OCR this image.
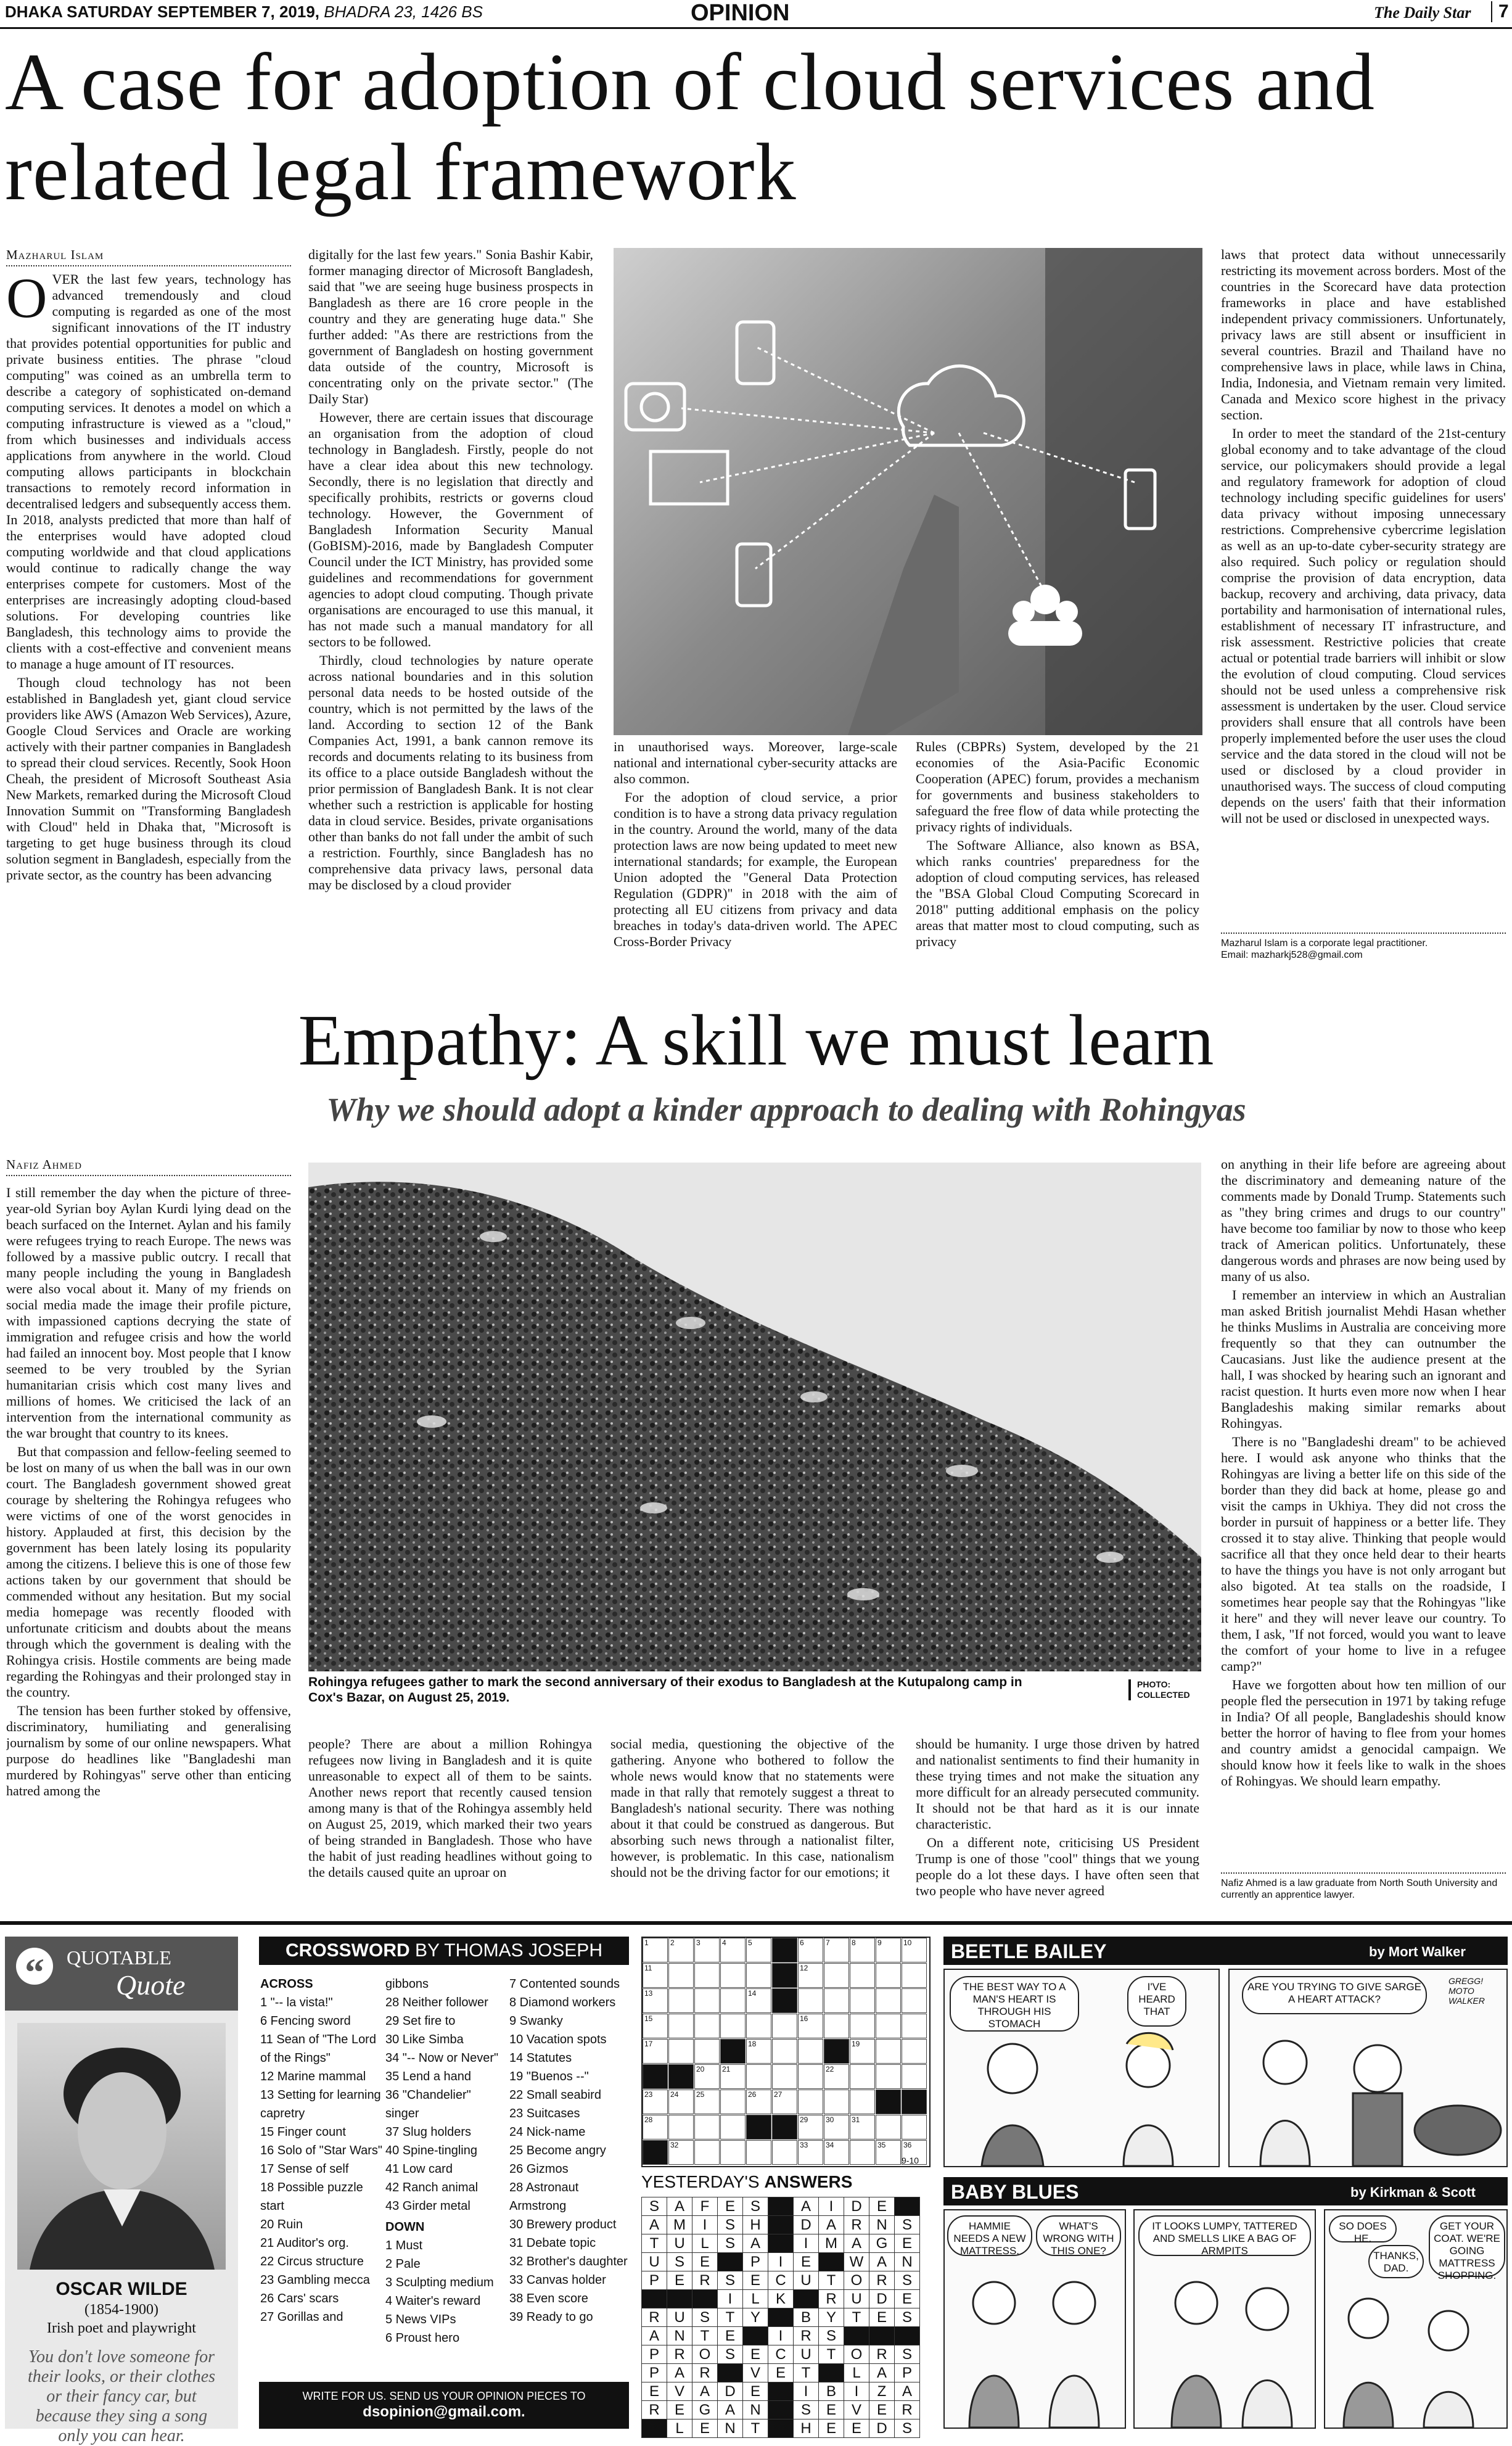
DHAKA SATURDAY SEPTEMBER 7, 2019, BHADRA 23, 1426 BS	OPINION	The Daily Star	7
A case for adoption of cloud services and related legal framework
Mazharul Islam

OVER the last few years, technology has advanced tremendously and cloud computing is regarded as one of the most significant innovations of the IT industry that provides potential opportunities for public and private business entities. The phrase "cloud computing" was coined as an umbrella term to describe a category of sophisticated on-demand computing services. It denotes a model on which a computing infrastructure is viewed as a "cloud," from which businesses and individuals access applications from anywhere in the world. Cloud computing allows participants in blockchain transactions to remotely record information in decentralised ledgers and subsequently access them. In 2018, analysts predicted that more than half of the enterprises would have adopted cloud computing worldwide and that cloud applications would continue to radically change the way enterprises compete for customers. Most of the enterprises are increasingly adopting cloud-based solutions. For developing countries like Bangladesh, this technology aims to provide the clients with a cost-effective and convenient means to manage a huge amount of IT resources.

Though cloud technology has not been established in Bangladesh yet, giant cloud service providers like AWS (Amazon Web Services), Azure, Google Cloud Services and Oracle are working actively with their partner companies in Bangladesh to spread their cloud services. Recently, Sook Hoon Cheah, the president of Microsoft Southeast Asia New Markets, remarked during the Microsoft Cloud Innovation Summit on "Transforming Bangladesh with Cloud" held in Dhaka that, "Microsoft is targeting to get huge business through its cloud solution segment in Bangladesh, especially from the private sector, as the country has been advancing

digitally for the last few years." Sonia Bashir Kabir, former managing director of Microsoft Bangladesh, said that "we are seeing huge business prospects in Bangladesh as there are 16 crore people in the country and they are generating huge data." She further added: "As there are restrictions from the government of Bangladesh on hosting government data outside of the country, Microsoft is concentrating only on the private sector." (The Daily Star)

However, there are certain issues that discourage an organisation from the adoption of cloud technology in Bangladesh. Firstly, people do not have a clear idea about this new technology. Secondly, there is no legislation that directly and specifically prohibits, restricts or governs cloud technology. However, the Government of Bangladesh Information Security Manual (GoBISM)-2016, made by Bangladesh Computer Council under the ICT Ministry, has provided some guidelines and recommendations for government agencies to adopt cloud computing. Though private organisations are encouraged to use this manual, it has not made such a manual mandatory for all sectors to be followed.

Thirdly, cloud technologies by nature operate across national boundaries and in this solution personal data needs to be hosted outside of the country, which is not permitted by the laws of the land. According to section 12 of the Bank Companies Act, 1991, a bank cannon remove its records and documents relating to its business from its office to a place outside Bangladesh without the prior permission of Bangladesh Bank. It is not clear whether such a restriction is applicable for hosting data in cloud service. Besides, private organisations other than banks do not fall under the ambit of such a restriction. Fourthly, since Bangladesh has no comprehensive data privacy laws, personal data may be disclosed by a cloud provider

in unauthorised ways. Moreover, large-scale national and international cyber-security attacks are also common.

For the adoption of cloud service, a prior condition is to have a strong data privacy regulation in the country. Around the world, many of the data protection laws are now being updated to meet new international standards; for example, the European Union adopted the "General Data Protection Regulation (GDPR)" in 2018 with the aim of protecting all EU citizens from privacy and data breaches in today's data-driven world. The APEC Cross-Border Privacy

Rules (CBPRs) System, developed by the 21 economies of the Asia-Pacific Economic Cooperation (APEC) forum, provides a mechanism for governments and business stakeholders to safeguard the free flow of data while protecting the privacy rights of individuals.

The Software Alliance, also known as BSA, which ranks countries' preparedness for the adoption of cloud computing services, has released the "BSA Global Cloud Computing Scorecard in 2018" putting additional emphasis on the policy areas that matter most to cloud computing, such as privacy

laws that protect data without unnecessarily restricting its movement across borders. Most of the countries in the Scorecard have data protection frameworks in place and have established independent privacy commissioners. Unfortunately, privacy laws are still absent or insufficient in several countries. Brazil and Thailand have no comprehensive laws in place, while laws in China, India, Indonesia, and Vietnam remain very limited. Canada and Mexico score highest in the privacy section.

In order to meet the standard of the 21st-century global economy and to take advantage of the cloud service, our policymakers should provide a legal and regulatory framework for adoption of cloud technology including specific guidelines for users' data privacy without imposing unnecessary restrictions. Comprehensive cybercrime legislation as well as an up-to-date cyber-security strategy are also required. Such policy or regulation should comprise the provision of data encryption, data backup, recovery and archiving, data privacy, data portability and harmonisation of international rules, establishment of necessary IT infrastructure, and risk assessment. Restrictive policies that create actual or potential trade barriers will inhibit or slow the evolution of cloud computing. Cloud services should not be used unless a comprehensive risk assessment is undertaken by the user. Cloud service providers shall ensure that all controls have been properly implemented before the user uses the cloud service and the data stored in the cloud will not be used or disclosed by a cloud provider in unauthorised ways. The success of cloud computing depends on the users' faith that their information will not be used or disclosed in unexpected ways.

Mazharul Islam is a corporate legal practitioner.
Email: mazharkj528@gmail.com
Empathy: A skill we must learn
Why we should adopt a kinder approach to dealing with Rohingyas
Nafiz Ahmed

I still remember the day when the picture of three-year-old Syrian boy Aylan Kurdi lying dead on the beach surfaced on the Internet. Aylan and his family were refugees trying to reach Europe. The news was followed by a massive public outcry. I recall that many people including the young in Bangladesh were also vocal about it. Many of my friends on social media made the image their profile picture, with impassioned captions decrying the state of immigration and refugee crisis and how the world had failed an innocent boy. Most people that I know seemed to be very troubled by the Syrian humanitarian crisis which cost many lives and millions of homes. We criticised the lack of an intervention from the international community as the war brought that country to its knees.

But that compassion and fellow-feeling seemed to be lost on many of us when the ball was in our own court. The Bangladesh government showed great courage by sheltering the Rohingya refugees who were victims of one of the worst genocides in history. Applauded at first, this decision by the government has been lately losing its popularity among the citizens. I believe this is one of those few actions taken by our government that should be commended without any hesitation. But my social media homepage was recently flooded with unfortunate criticism and doubts about the means through which the government is dealing with the Rohingya crisis. Hostile comments are being made regarding the Rohingyas and their prolonged stay in the country.

The tension has been further stoked by offensive, discriminatory, humiliating and generalising journalism by some of our online newspapers. What purpose do headlines like "Bangladeshi man murdered by Rohingyas" serve other than enticing hatred among the

Rohingya refugees gather to mark the second anniversary of their exodus to Bangladesh at the Kutupalong camp in Cox's Bazar, on August 25, 2019.
PHOTO: COLLECTED

people? There are about a million Rohingya refugees now living in Bangladesh and it is quite unreasonable to expect all of them to be saints. Another news report that recently caused tension among many is that of the Rohingya assembly held on August 25, 2019, which marked their two years of being stranded in Bangladesh. Those who have the habit of just reading headlines without going to the details caused quite an uproar on

social media, questioning the objective of the gathering. Anyone who bothered to follow the whole news would know that no statements were made in that rally that remotely suggest a threat to Bangladesh's national security. There was nothing about it that could be construed as dangerous. But absorbing such news through a nationalist filter, however, is problematic. In this case, nationalism should not be the driving factor for our emotions; it

should be humanity. I urge those driven by hatred and nationalist sentiments to find their humanity in these trying times and not make the situation any more difficult for an already persecuted community. It should not be that hard as it is our innate characteristic.

On a different note, criticising US President Trump is one of those "cool" things that we young people do a lot these days. I have often seen that two people who have never agreed

on anything in their life before are agreeing about the discriminatory and demeaning nature of the comments made by Donald Trump. Statements such as "they bring crimes and drugs to our country" have become too familiar by now to those who keep track of American politics. Unfortunately, these dangerous words and phrases are now being used by many of us also.

I remember an interview in which an Australian man asked British journalist Mehdi Hasan whether he thinks Muslims in Australia are conceiving more frequently so that they can outnumber the Caucasians. Just like the audience present at the hall, I was shocked by hearing such an ignorant and racist question. It hurts even more now when I hear Bangladeshis making similar remarks about Rohingyas.

There is no "Bangladeshi dream" to be achieved here. I would ask anyone who thinks that the Rohingyas are living a better life on this side of the border than they did back at home, please go and visit the camps in Ukhiya. They did not cross the border in pursuit of happiness or a better life. They crossed it to stay alive. Thinking that people would sacrifice all that they once held dear to their hearts to have the things you have is not only arrogant but also bigoted. At tea stalls on the roadside, I sometimes hear people say that the Rohingyas "like it here" and they will never leave our country. To them, I ask, "If not forced, would you want to leave the comfort of your home to live in a refugee camp?"

Have we forgotten about how ten million of our people fled the persecution in 1971 by taking refuge in India? Of all people, Bangladeshis should know better the horror of having to flee from your homes and country amidst a genocidal campaign. We should know how it feels like to walk in the shoes of Rohingyas. We should learn empathy.

Nafiz Ahmed is a law graduate from North South University and currently an apprentice lawyer.
“	QUOTABLE
Quote
OSCAR WILDE
(1854-1900)
Irish poet and playwright
You don't love someone for their looks, or their clothes or their fancy car, but because they sing a song only you can hear.
CROSSWORD BY THOMAS JOSEPH
ACROSS
1 "-- la vista!"
6 Fencing sword
11 Sean of "The Lord of the Rings"
12 Marine mammal
13 Setting for learning capretry
15 Finger count
16 Solo of "Star Wars"
17 Sense of self
18 Possible puzzle start
20 Ruin
21 Auditor's org.
22 Circus structure
23 Gambling mecca
26 Cars' scars
27 Gorillas and
gibbons
28 Neither follower
29 Set fire to
30 Like Simba
34 "-- Now or Never"
35 Lend a hand
36 "Chandelier" singer
37 Slug holders
40 Spine-tingling
41 Low card
42 Ranch animal
43 Girder metal
DOWN
1 Must
2 Pale
3 Sculpting medium
4 Waiter's reward
5 News VIPs
6 Proust hero
7 Contented sounds
8 Diamond workers
9 Swanky
10 Vacation spots
14 Statutes
19 "Buenos --"
22 Small seabird
23 Suitcases
24 Nick-name
25 Become angry
26 Gizmos
28 Astronaut Armstrong
30 Brewery product
31 Debate topic
32 Brother's daughter
33 Canvas holder
38 Even score
39 Ready to go
WRITE FOR US. SEND US YOUR OPINION PIECES TO
dsopinion@gmail.com.
1	2	3	4	5	6	7	8	9	10
11	12
13	14
15	16
17	18	19
20 21	22
23 24 25	26 27
28	29 30 31
32	33 34	35 36
9-10
YESTERDAY'S ANSWERS
S	A	F	E	S		A	I	D	E	
A	M	I	S	H		D	A	R	N	S
T	U	L	S	A		I	M	A	G	E
U	S	E		P	I	E		W	A	N
P	E	R	S	E	C	U	T	O	R	S
			I	L	K		R	U	D	E
R	U	S	T	Y		B	Y	T	E	S
A	N	T	E		I	R	S			
P	R	O	S	E	C	U	T	O	R	S
P	A	R		V	E	T		L	A	P
E	V	A	D	E		I	B	I	Z	A
R	E	G	A	N		S	E	V	E	R
	L	E	N	T		H	E	E	D	S
BEETLE BAILEY	by Mort Walker
THE BEST WAY TO A MAN'S HEART IS THROUGH HIS STOMACH
I'VE HEARD THAT
ARE YOU TRYING TO GIVE SARGE A HEART ATTACK?
GREGG! MOTO WALKER
BABY BLUES	by Kirkman & Scott
HAMMIE NEEDS A NEW MATTRESS.
WHAT'S WRONG WITH THIS ONE?
IT LOOKS LUMPY, TATTERED AND SMELLS LIKE A BAG OF ARMPITS
SO DOES HE.
THANKS, DAD.
GET YOUR COAT. WE'RE GOING MATTRESS SHOPPING.
